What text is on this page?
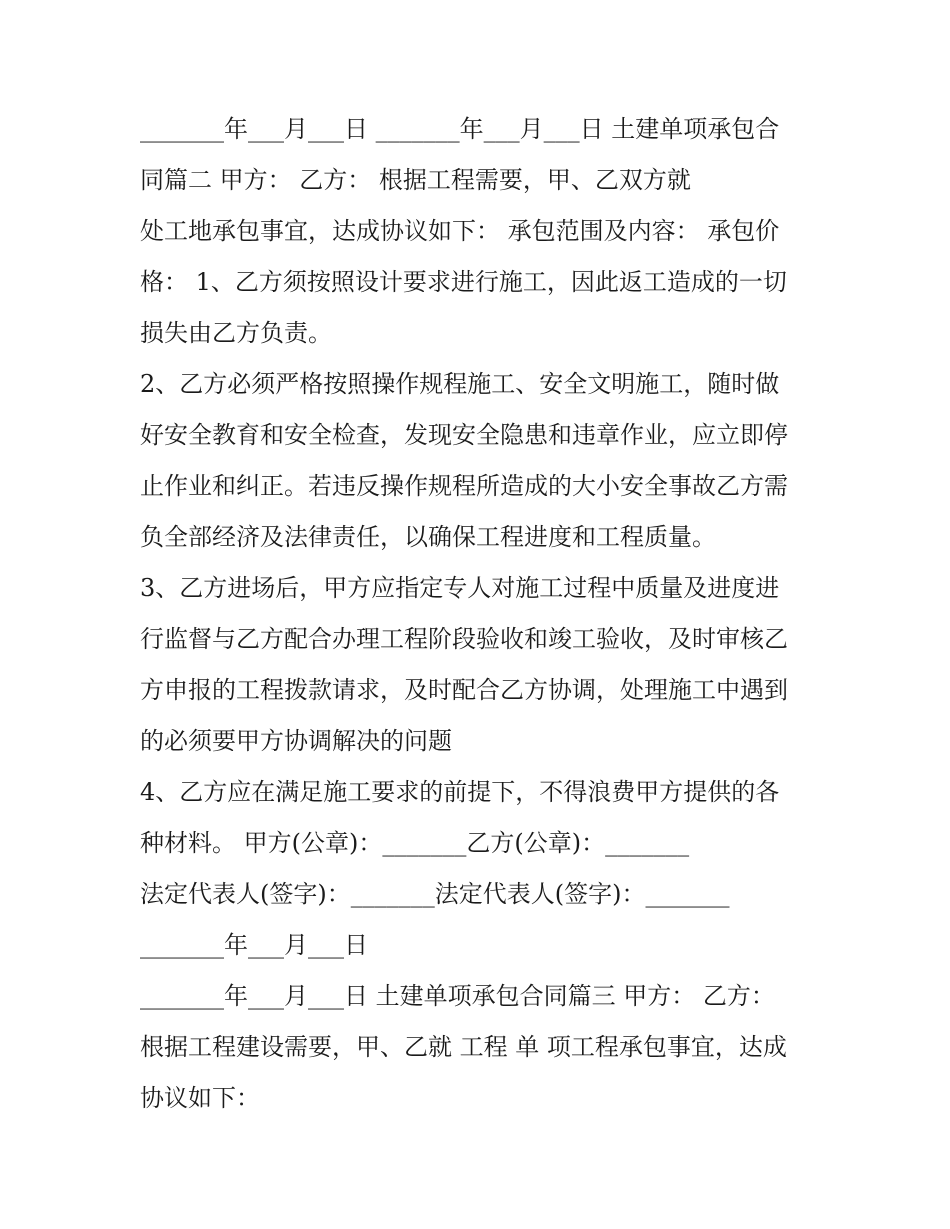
_______年___月___日 _______年___月___日 土建单项承包合
同篇二 甲方： 乙方： 根据工程需要，甲、乙双方就
处工地承包事宜，达成协议如下： 承包范围及内容： 承包价
格： 1、乙方须按照设计要求进行施工，因此返工造成的一切
损失由乙方负责。
2、乙方必须严格按照操作规程施工、安全文明施工，随时做
好安全教育和安全检查，发现安全隐患和违章作业，应立即停
止作业和纠正。若违反操作规程所造成的大小安全事故乙方需
负全部经济及法律责任，以确保工程进度和工程质量。
3、乙方进场后，甲方应指定专人对施工过程中质量及进度进
行监督与乙方配合办理工程阶段验收和竣工验收，及时审核乙
方申报的工程拨款请求，及时配合乙方协调，处理施工中遇到
的必须要甲方协调解决的问题
4、乙方应在满足施工要求的前提下，不得浪费甲方提供的各
种材料。 甲方(公章)：_______乙方(公章)：_______
法定代表人(签字)：_______法定代表人(签字)：_______
_______年___月___日
_______年___月___日 土建单项承包合同篇三 甲方： 乙方：
根据工程建设需要，甲、乙就 工程 单 项工程承包事宜，达成
协议如下：
